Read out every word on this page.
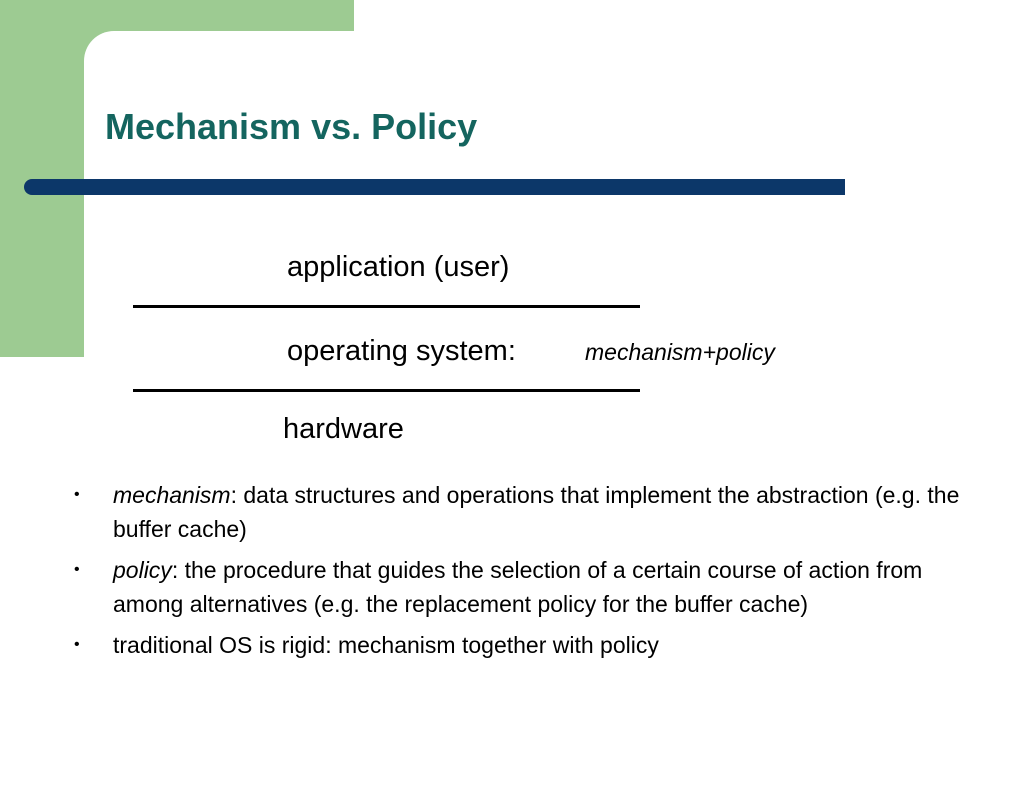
Mechanism vs. Policy
application (user)
operating system:	mechanism+policy
hardware
• mechanism: data structures and operations that implement the abstraction (e.g. the buffer cache)
• policy: the procedure that guides the selection of a certain course of action from among alternatives (e.g. the replacement policy for the buffer cache)
• traditional OS is rigid: mechanism together with policy
